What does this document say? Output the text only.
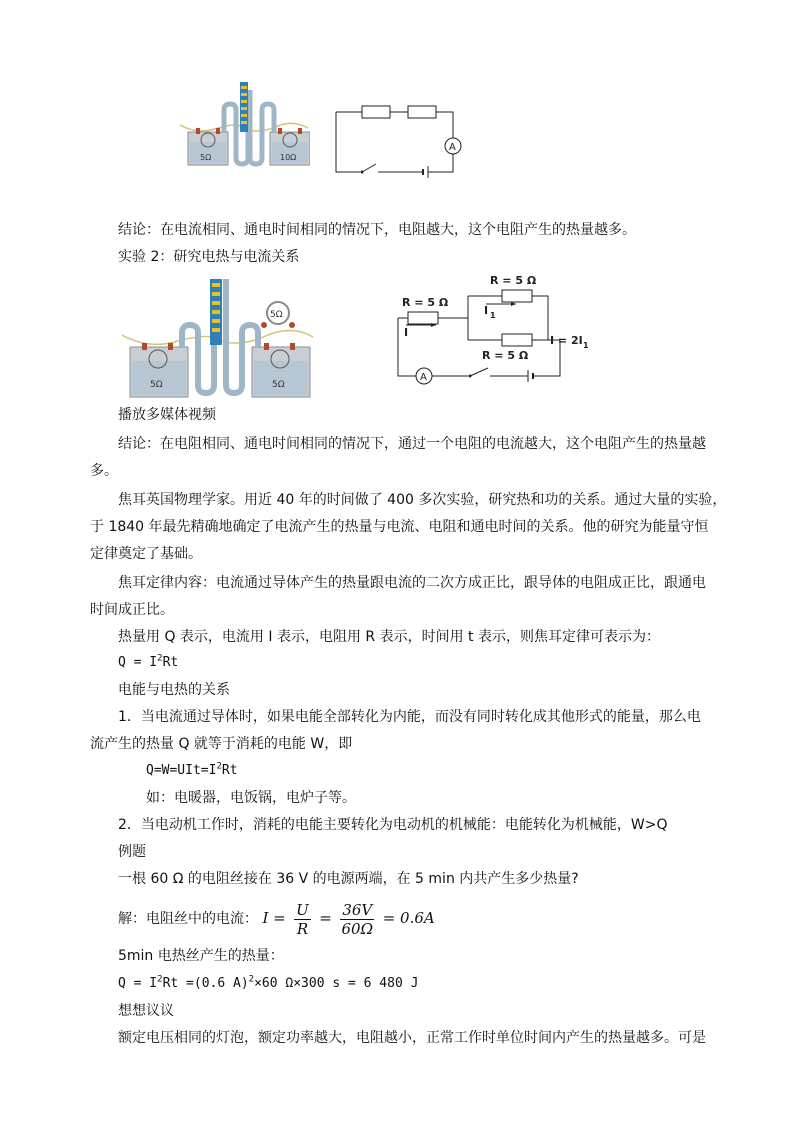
5Ω	10Ω
A
结论：在电流相同、通电时间相同的情况下，电阻越大，这个电阻产生的热量越多。
实验 2：研究电热与电流关系
5Ω
5Ω	5Ω
R = 5 Ω
R = 5 Ω
R = 5 Ω
A
I
I 1
I = 2I 1
播放多媒体视频
结论：在电阻相同、通电时间相同的情况下，通过一个电阻的电流越大，这个电阻产生的热量越
多。
焦耳英国物理学家。用近 40 年的时间做了 400 多次实验，研究热和功的关系。通过大量的实验，
于 1840 年最先精确地确定了电流产生的热量与电流、电阻和通电时间的关系。他的研究为能量守恒
定律奠定了基础。
焦耳定律内容：电流通过导体产生的热量跟电流的二次方成正比，跟导体的电阻成正比，跟通电
时间成正比。
热量用 Q 表示，电流用 I 表示，电阻用 R 表示，时间用 t 表示，则焦耳定律可表示为：
$Q = I^2Rt$
电能与电热的关系
1．当电流通过导体时，如果电能全部转化为内能，而没有同时转化成其他形式的能量，那么电
流产生的热量 Q 就等于消耗的电能 W，即
$Q=W=UIt=I^2Rt$
如：电暖器，电饭锅，电炉子等。
2．当电动机工作时，消耗的电能主要转化为电动机的机械能：电能转化为机械能，W>Q
例题
一根 60 Ω 的电阻丝接在 36 V 的电源两端，在 5 min 内共产生多少热量?
解：电阻丝中的电流： $I = \frac{U}{R} = \frac{36V}{60\Omega} = 0.6A$
5min 电热丝产生的热量：
$Q = I^2Rt =(0.6$ A)$^2$×60 Ω×300 s = 6 480 J
想想议议
额定电压相同的灯泡，额定功率越大，电阻越小，正常工作时单位时间内产生的热量越多。可是
